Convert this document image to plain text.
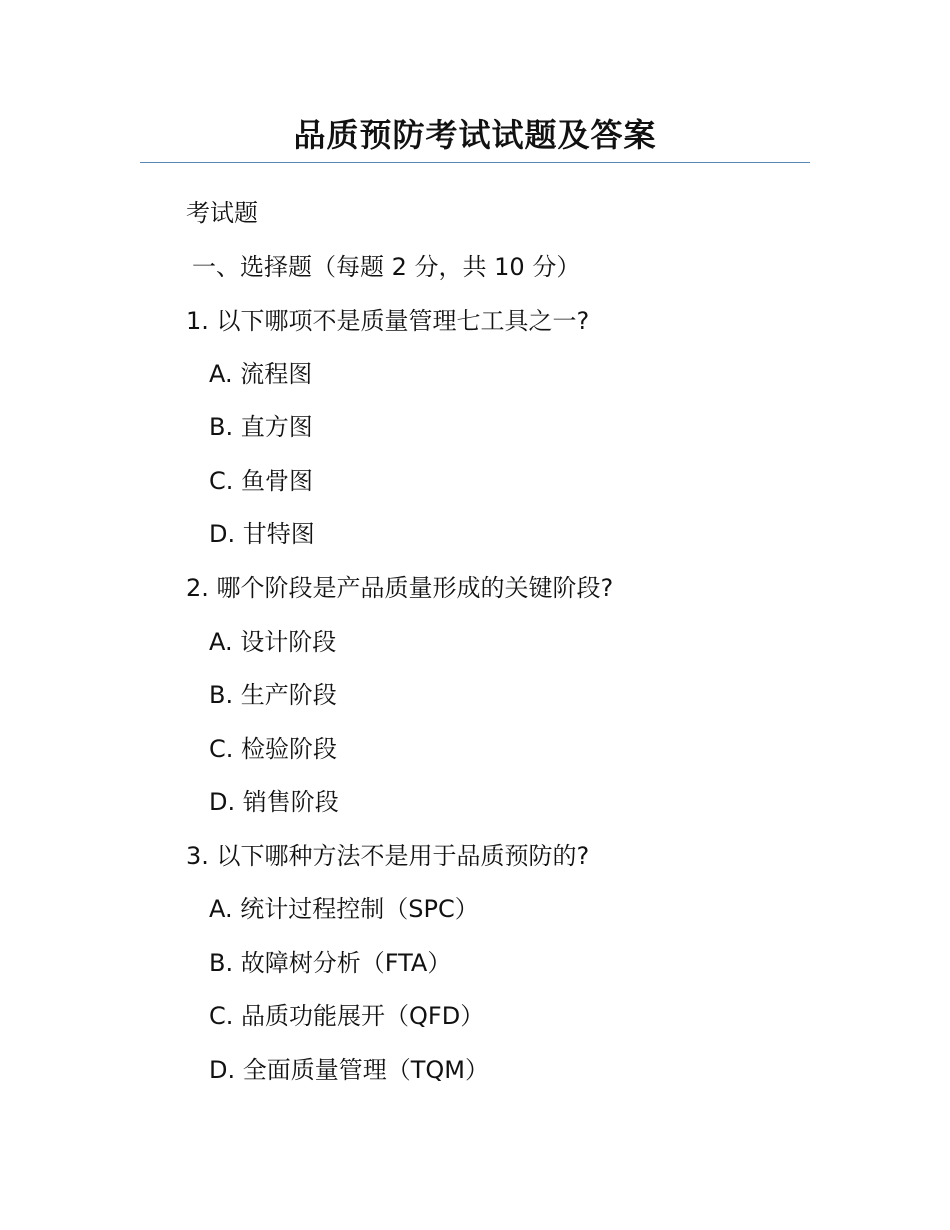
品质预防考试试题及答案
考试题
一、选择题（每题 2 分，共 10 分）
1. 以下哪项不是质量管理七工具之一?
A. 流程图
B. 直方图
C. 鱼骨图
D. 甘特图
2. 哪个阶段是产品质量形成的关键阶段?
A. 设计阶段
B. 生产阶段
C. 检验阶段
D. 销售阶段
3. 以下哪种方法不是用于品质预防的?
A. 统计过程控制（SPC）
B. 故障树分析（FTA）
C. 品质功能展开（QFD）
D. 全面质量管理（TQM）
